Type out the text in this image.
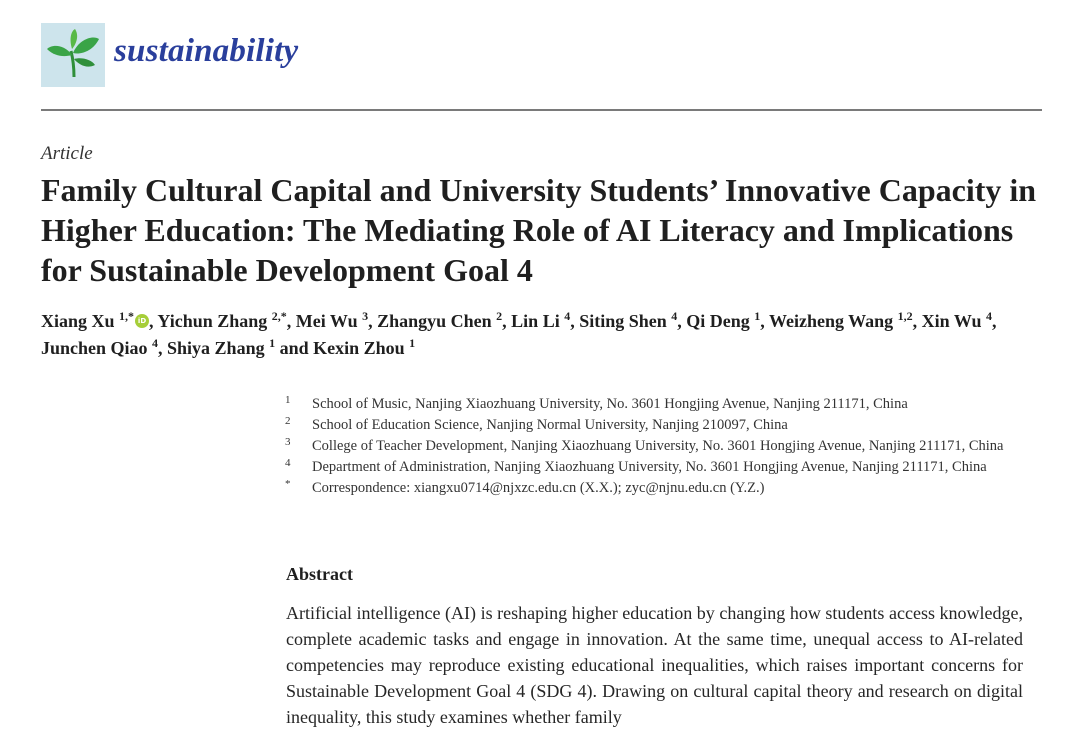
sustainability
Article
Family Cultural Capital and University Students’ Innovative Capacity in Higher Education: The Mediating Role of AI Literacy and Implications for Sustainable Development Goal 4
Xiang Xu $^{1,*}$ iD , Yichun Zhang $^{2,*}$, Mei Wu $^3$, Zhangyu Chen $^2$, Lin Li $^4$, Siting Shen $^4$, Qi Deng $^1$, Weizheng Wang $^{1,2}$, Xin Wu $^4$, Junchen Qiao $^4$, Shiya Zhang $^1$ and Kexin Zhou $^1$
1 School of Music, Nanjing Xiaozhuang University, No. 3601 Hongjing Avenue, Nanjing 211171, China
2 School of Education Science, Nanjing Normal University, Nanjing 210097, China
3 College of Teacher Development, Nanjing Xiaozhuang University, No. 3601 Hongjing Avenue, Nanjing 211171, China
4 Department of Administration, Nanjing Xiaozhuang University, No. 3601 Hongjing Avenue, Nanjing 211171, China
* Correspondence: xiangxu0714@njxzc.edu.cn (X.X.); zyc@njnu.edu.cn (Y.Z.)
Abstract

Artificial intelligence (AI) is reshaping higher education by changing how students access knowledge, complete academic tasks and engage in innovation. At the same time, unequal access to AI-related competencies may reproduce existing educational inequalities, which raises important concerns for Sustainable Development Goal 4 (SDG 4). Drawing on cultural capital theory and research on digital inequality, this study examines whether family
